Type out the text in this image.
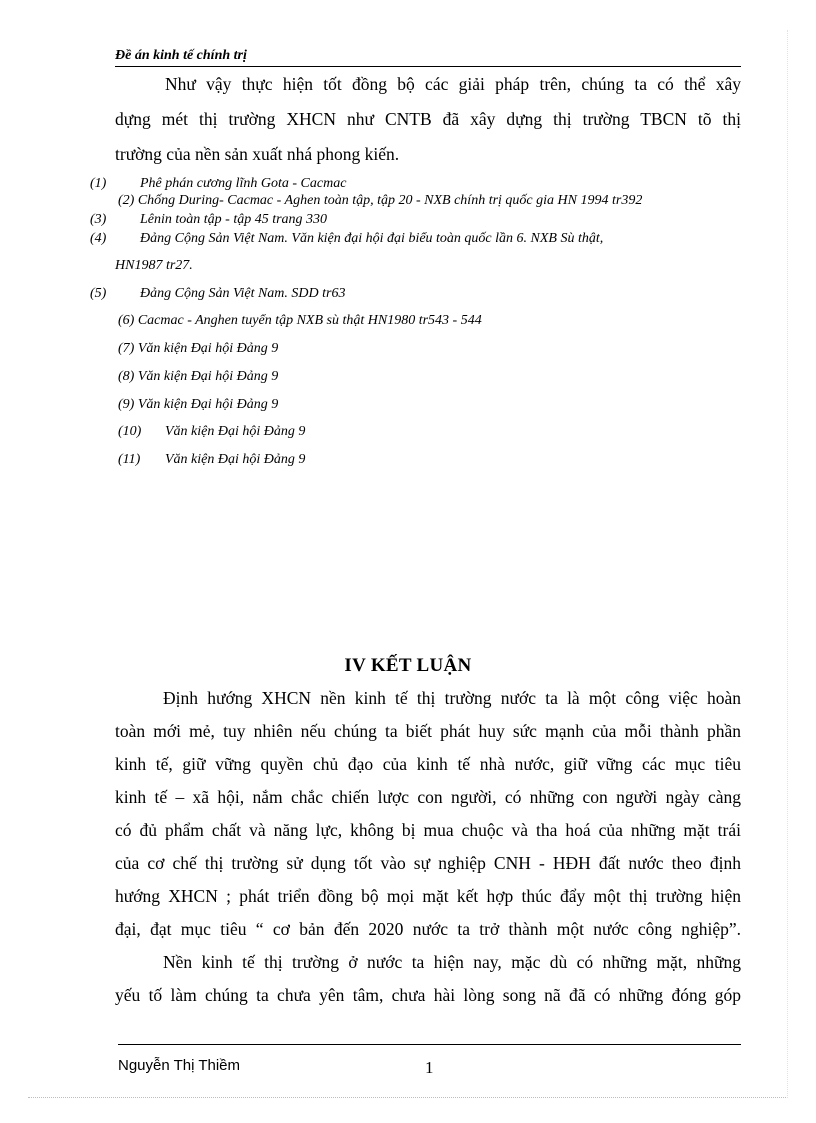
Đề án kinh tế chính trị
Như vậy thực hiện tốt đồng bộ các giải pháp trên, chúng ta có thể xây
dựng mét thị trường XHCN như CNTB đã xây dựng thị trường TBCN tõ thị
trường của nền sản xuất nhá phong kiến.
(1) Phê phán cương lĩnh Gota - Cacmac
(2) Chống During- Cacmac - Aghen toàn tập, tập 20 - NXB chính trị quốc gia HN 1994 tr392
(3) Lênin toàn tập - tập 45 trang 330
(4) Đảng Cộng Sản Việt Nam. Văn kiện đại hội đại biểu toàn quốc lần 6. NXB Sù thật,
HN1987 tr27.
(5) Đảng Cộng Sản Việt Nam. SDD tr63
(6) Cacmac - Anghen tuyển tập NXB sù thật HN1980 tr543 - 544
(7) Văn kiện Đại hội Đảng 9
(8) Văn kiện Đại hội Đảng 9
(9) Văn kiện Đại hội Đảng 9
(10) Văn kiện Đại hội Đảng 9
(11) Văn kiện Đại hội Đảng 9
IV KẾT LUẬN
Định hướng XHCN nền kinh tế thị trường nước ta là một công việc hoàn
toàn mới mẻ, tuy nhiên nếu chúng ta biết phát huy sức mạnh của mỗi thành phần
kinh tế, giữ vững quyền chủ đạo của kinh tế nhà nước, giữ vững các mục tiêu
kinh tế – xã hội, nắm chắc chiến lược con người, có những con người ngày càng
có đủ phẩm chất và năng lực, không bị mua chuộc và tha hoá của những mặt trái
của cơ chế thị trường sử dụng tốt vào sự nghiệp CNH - HĐH đất nước theo định
hướng XHCN ; phát triển đồng bộ mọi mặt kết hợp thúc đẩy một thị trường hiện
đại, đạt mục tiêu “ cơ bản đến 2020 nước ta trở thành một nước công nghiệp”.
Nền kinh tế thị trường ở nước ta hiện nay, mặc dù có những mặt, những
yếu tố làm chúng ta chưa yên tâm, chưa hài lòng song nã đã có những đóng góp
Nguyễn Thị Thiềm	1
